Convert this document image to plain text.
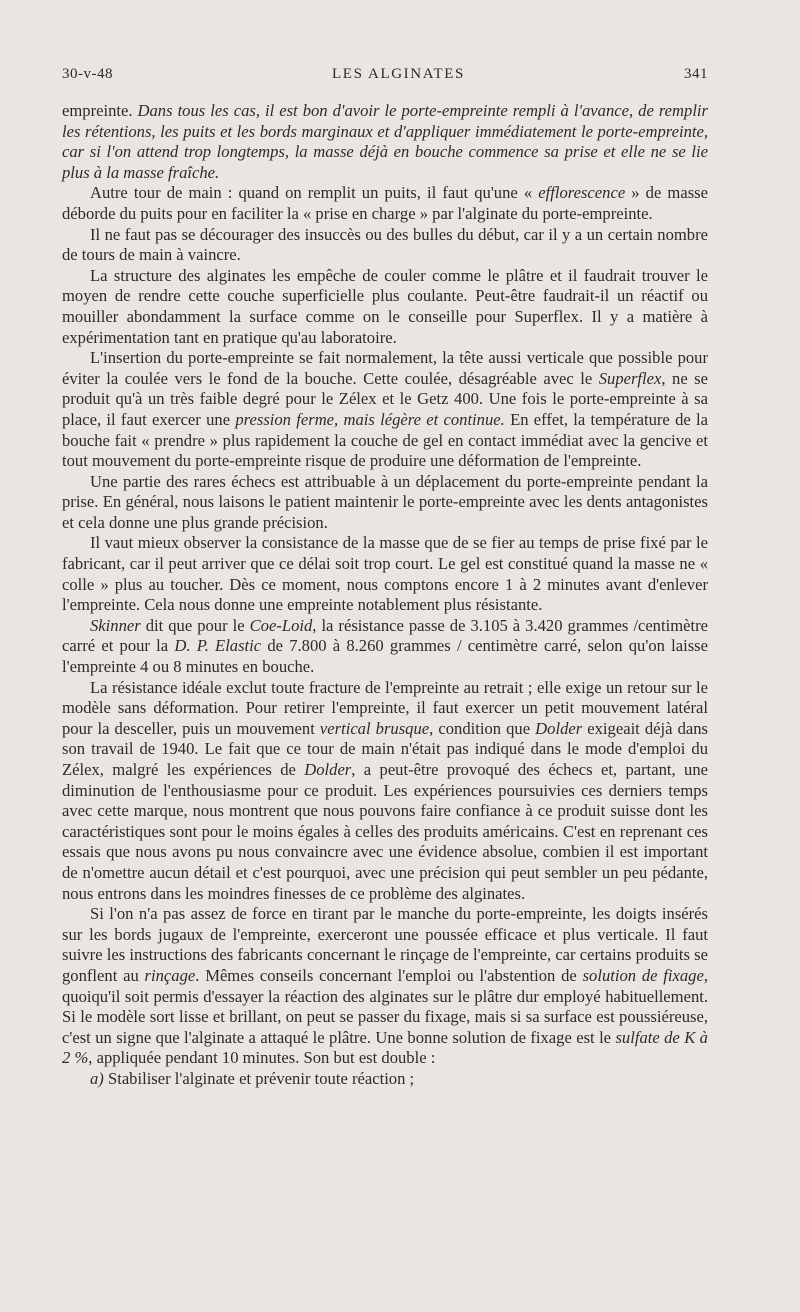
30-v-48	LES ALGINATES	341

empreinte. Dans tous les cas, il est bon d'avoir le porte-empreinte rempli à l'avance, de remplir les rétentions, les puits et les bords marginaux et d'appliquer immédiatement le porte-empreinte, car si l'on attend trop longtemps, la masse déjà en bouche commence sa prise et elle ne se lie plus à la masse fraîche.

Autre tour de main : quand on remplit un puits, il faut qu'une « efflorescence » de masse déborde du puits pour en faciliter la « prise en charge » par l'alginate du porte-empreinte.

Il ne faut pas se décourager des insuccès ou des bulles du début, car il y a un certain nombre de tours de main à vaincre.

La structure des alginates les empêche de couler comme le plâtre et il faudrait trouver le moyen de rendre cette couche superficielle plus coulante. Peut-être faudrait-il un réactif ou mouiller abondamment la surface comme on le conseille pour Superflex. Il y a matière à expérimentation tant en pratique qu'au laboratoire.

L'insertion du porte-empreinte se fait normalement, la tête aussi verticale que possible pour éviter la coulée vers le fond de la bouche. Cette coulée, désagréable avec le Superflex, ne se produit qu'à un très faible degré pour le Zélex et le Getz 400. Une fois le porte-empreinte à sa place, il faut exercer une pression ferme, mais légère et continue. En effet, la température de la bouche fait « prendre » plus rapidement la couche de gel en contact immédiat avec la gencive et tout mouvement du porte-empreinte risque de produire une déformation de l'empreinte.

Une partie des rares échecs est attribuable à un déplacement du porte-empreinte pendant la prise. En général, nous laisons le patient maintenir le porte-empreinte avec les dents antagonistes et cela donne une plus grande précision.

Il vaut mieux observer la consistance de la masse que de se fier au temps de prise fixé par le fabricant, car il peut arriver que ce délai soit trop court. Le gel est constitué quand la masse ne « colle » plus au toucher. Dès ce moment, nous comptons encore 1 à 2 minutes avant d'enlever l'empreinte. Cela nous donne une empreinte notablement plus résistante.

Skinner dit que pour le Coe-Loid, la résistance passe de 3.105 à 3.420 grammes /centimètre carré et pour la D. P. Elastic de 7.800 à 8.260 grammes / centimètre carré, selon qu'on laisse l'empreinte 4 ou 8 minutes en bouche.

La résistance idéale exclut toute fracture de l'empreinte au retrait ; elle exige un retour sur le modèle sans déformation. Pour retirer l'empreinte, il faut exercer un petit mouvement latéral pour la desceller, puis un mouvement vertical brusque, condition que Dolder exigeait déjà dans son travail de 1940. Le fait que ce tour de main n'était pas indiqué dans le mode d'emploi du Zélex, malgré les expériences de Dolder, a peut-être provoqué des échecs et, partant, une diminution de l'enthousiasme pour ce produit. Les expériences poursuivies ces derniers temps avec cette marque, nous montrent que nous pouvons faire confiance à ce produit suisse dont les caractéristiques sont pour le moins égales à celles des produits américains. C'est en reprenant ces essais que nous avons pu nous convaincre avec une évidence absolue, combien il est important de n'omettre aucun détail et c'est pourquoi, avec une précision qui peut sembler un peu pédante, nous entrons dans les moindres finesses de ce problème des alginates.

Si l'on n'a pas assez de force en tirant par le manche du porte-empreinte, les doigts insérés sur les bords jugaux de l'empreinte, exerceront une poussée efficace et plus verticale. Il faut suivre les instructions des fabricants concernant le rinçage de l'empreinte, car certains produits se gonflent au rinçage. Mêmes conseils concernant l'emploi ou l'abstention de solution de fixage, quoiqu'il soit permis d'essayer la réaction des alginates sur le plâtre dur employé habituellement. Si le modèle sort lisse et brillant, on peut se passer du fixage, mais si sa surface est poussiéreuse, c'est un signe que l'alginate a attaqué le plâtre. Une bonne solution de fixage est le sulfate de K à 2 %, appliquée pendant 10 minutes. Son but est double :

a) Stabiliser l'alginate et prévenir toute réaction ;
